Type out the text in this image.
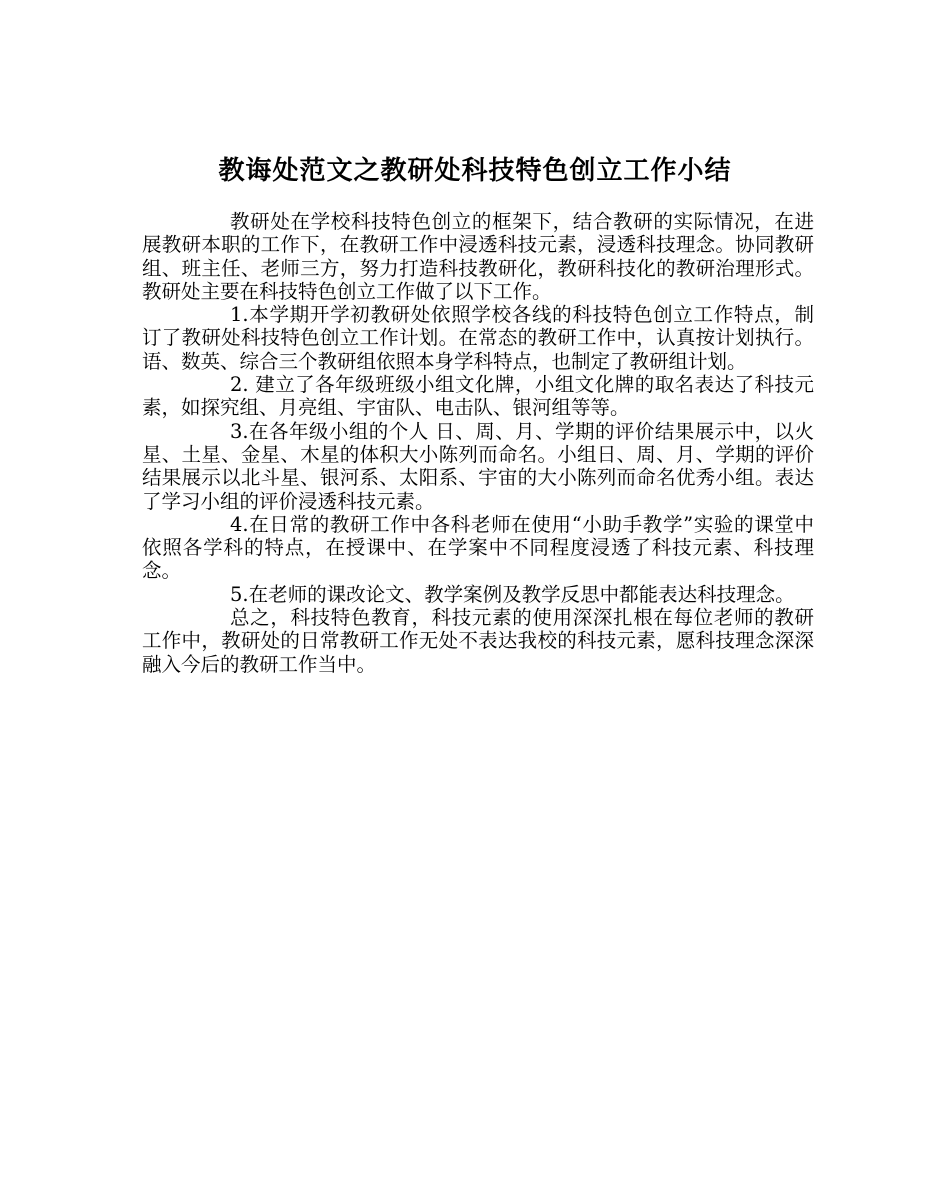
教诲处范文之教研处科技特色创立工作小结

教研处在学校科技特色创立的框架下，结合教研的实际情况，在进展教研本职的工作下，在教研工作中浸透科技元素，浸透科技理念。协同教研组、班主任、老师三方，努力打造科技教研化，教研科技化的教研治理形式。教研处主要在科技特色创立工作做了以下工作。

1.本学期开学初教研处依照学校各线的科技特色创立工作特点，制订了教研处科技特色创立工作计划。在常态的教研工作中，认真按计划执行。语、数英、综合三个教研组依照本身学科特点，也制定了教研组计划。

2. 建立了各年级班级小组文化牌，小组文化牌的取名表达了科技元素，如探究组、月亮组、宇宙队、电击队、银河组等等。

3.在各年级小组的个人 日、周、月、学期的评价结果展示中，以火星、土星、金星、木星的体积大小陈列而命名。小组日、周、月、学期的评价结果展示以北斗星、银河系、太阳系、宇宙的大小陈列而命名优秀小组。表达了学习小组的评价浸透科技元素。

4.在日常的教研工作中各科老师在使用“小助手教学”实验的课堂中依照各学科的特点，在授课中、在学案中不同程度浸透了科技元素、科技理念。

5.在老师的课改论文、教学案例及教学反思中都能表达科技理念。

总之，科技特色教育，科技元素的使用深深扎根在每位老师的教研工作中，教研处的日常教研工作无处不表达我校的科技元素，愿科技理念深深融入今后的教研工作当中。
